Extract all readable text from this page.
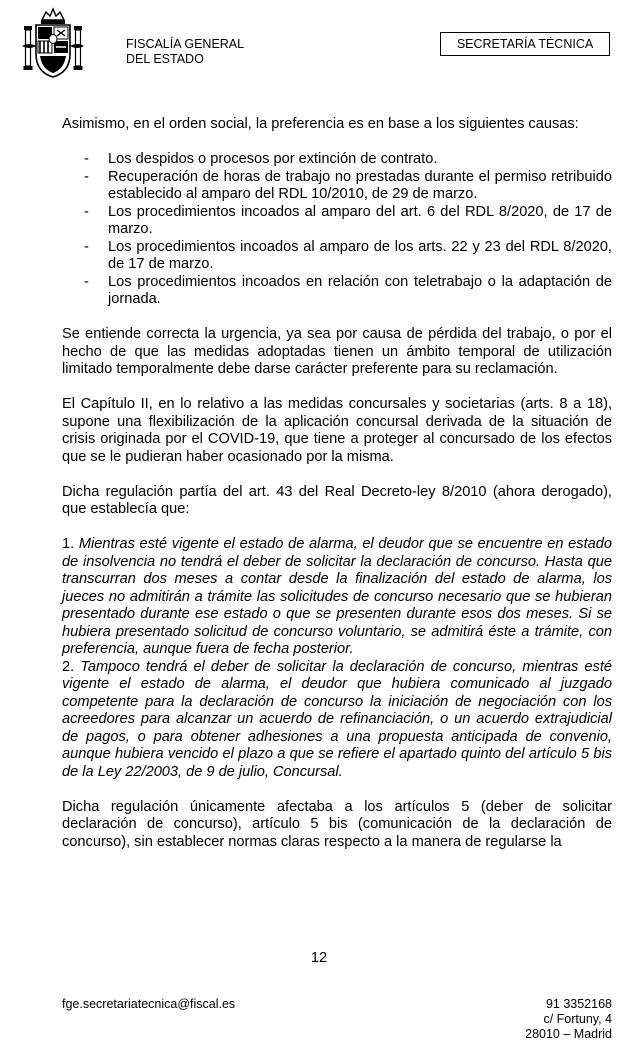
FISCALÍA GENERAL
DEL ESTADO
SECRETARÍA TÉCNICA

Asimismo, en el orden social, la preferencia es en base a los siguientes causas:

- Los despidos o procesos por extinción de contrato.
- Recuperación de horas de trabajo no prestadas durante el permiso retribuido establecido al amparo del RDL 10/2010, de 29 de marzo.
- Los procedimientos incoados al amparo del art. 6 del RDL 8/2020, de 17 de marzo.
- Los procedimientos incoados al amparo de los arts. 22 y 23 del RDL 8/2020, de 17 de marzo.
- Los procedimientos incoados en relación con teletrabajo o la adaptación de jornada.

Se entiende correcta la urgencia, ya sea por causa de pérdida del trabajo, o por el hecho de que las medidas adoptadas tienen un ámbito temporal de utilización limitado temporalmente debe darse carácter preferente para su reclamación.

El Capítulo II, en lo relativo a las medidas concursales y societarias (arts. 8 a 18), supone una flexibilización de la aplicación concursal derivada de la situación de crisis originada por el COVID-19, que tiene a proteger al concursado de los efectos que se le pudieran haber ocasionado por la misma.

Dicha regulación partía del art. 43 del Real Decreto-ley 8/2010 (ahora derogado), que establecía que:

1. Mientras esté vigente el estado de alarma, el deudor que se encuentre en estado de insolvencia no tendrá el deber de solicitar la declaración de concurso. Hasta que transcurran dos meses a contar desde la finalización del estado de alarma, los jueces no admitirán a trámite las solicitudes de concurso necesario que se hubieran presentado durante ese estado o que se presenten durante esos dos meses. Si se hubiera presentado solicitud de concurso voluntario, se admitirá éste a trámite, con preferencia, aunque fuera de fecha posterior.

2. Tampoco tendrá el deber de solicitar la declaración de concurso, mientras esté vigente el estado de alarma, el deudor que hubiera comunicado al juzgado competente para la declaración de concurso la iniciación de negociación con los acreedores para alcanzar un acuerdo de refinanciación, o un acuerdo extrajudicial de pagos, o para obtener adhesiones a una propuesta anticipada de convenio, aunque hubiera vencido el plazo a que se refiere el apartado quinto del artículo 5 bis de la Ley 22/2003, de 9 de julio, Concursal.

Dicha regulación únicamente afectaba a los artículos 5 (deber de solicitar declaración de concurso), artículo 5 bis (comunicación de la declaración de concurso), sin establecer normas claras respecto a la manera de regularse la

12
fge.secretariatecnica@fiscal.es	91 3352168
c/ Fortuny, 4
28010 – Madrid
